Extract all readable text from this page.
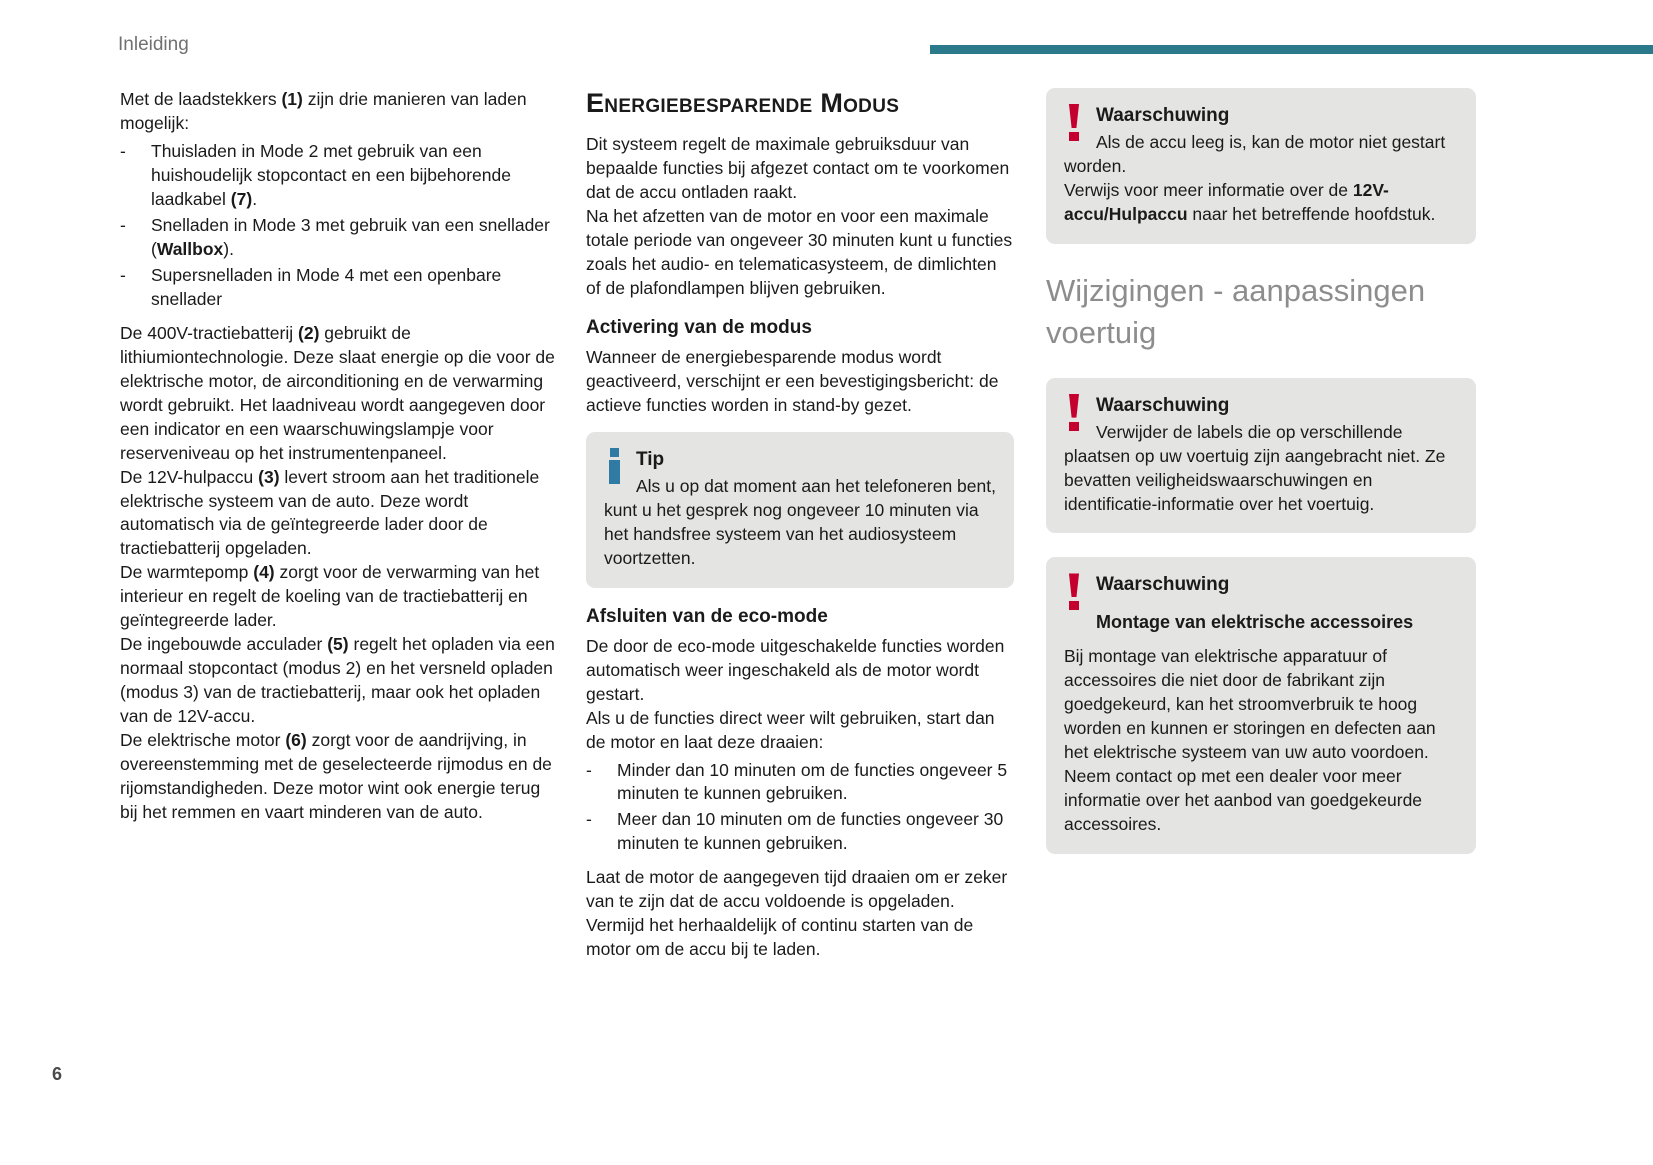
Inleiding

Met de laadstekkers (1) zijn drie manieren van laden mogelijk:

-	Thuisladen in Mode 2 met gebruik van een huishoudelijk stopcontact en een bijbehorende laadkabel (7).
-	Snelladen in Mode 3 met gebruik van een snellader (Wallbox).
-	Supersnelladen in Mode 4 met een openbare snellader

De 400V-tractiebatterij (2) gebruikt de lithiumiontechnologie. Deze slaat energie op die voor de elektrische motor, de airconditioning en de verwarming wordt gebruikt. Het laadniveau wordt aangegeven door een indicator en een waarschuwingslampje voor reserveniveau op het instrumentenpaneel.

De 12V-hulpaccu (3) levert stroom aan het traditionele elektrische systeem van de auto. Deze wordt automatisch via de geïntegreerde lader door de tractiebatterij opgeladen.

De warmtepomp (4) zorgt voor de verwarming van het interieur en regelt de koeling van de tractiebatterij en geïntegreerde lader.

De ingebouwde acculader (5) regelt het opladen via een normaal stopcontact (modus 2) en het versneld opladen (modus 3) van de tractiebatterij, maar ook het opladen van de 12V-accu.

De elektrische motor (6) zorgt voor de aandrijving, in overeenstemming met de geselecteerde rijmodus en de rijomstandigheden. Deze motor wint ook energie terug bij het remmen en vaart minderen van de auto.

Energiebesparende Modus

Dit systeem regelt de maximale gebruiksduur van bepaalde functies bij afgezet contact om te voorkomen dat de accu ontladen raakt.

Na het afzetten van de motor en voor een maximale totale periode van ongeveer 30 minuten kunt u functies zoals het audio- en telematicasysteem, de dimlichten of de plafondlampen blijven gebruiken.

Activering van de modus

Wanneer de energiebesparende modus wordt geactiveerd, verschijnt er een bevestigingsbericht: de actieve functies worden in stand-by gezet.

Tip

Als u op dat moment aan het telefoneren bent, kunt u het gesprek nog ongeveer 10 minuten via het handsfree systeem van het audiosysteem voortzetten.

Afsluiten van de eco-mode

De door de eco-mode uitgeschakelde functies worden automatisch weer ingeschakeld als de motor wordt gestart.

Als u de functies direct weer wilt gebruiken, start dan de motor en laat deze draaien:

-	Minder dan 10 minuten om de functies ongeveer 5 minuten te kunnen gebruiken.
-	Meer dan 10 minuten om de functies ongeveer 30 minuten te kunnen gebruiken.

Laat de motor de aangegeven tijd draaien om er zeker van te zijn dat de accu voldoende is opgeladen.

Vermijd het herhaaldelijk of continu starten van de motor om de accu bij te laden.

Waarschuwing

Als de accu leeg is, kan de motor niet gestart worden.

Verwijs voor meer informatie over de 12V-accu/Hulpaccu naar het betreffende hoofdstuk.

Wijzigingen - aanpassingen voertuig
Waarschuwing

Verwijder de labels die op verschillende plaatsen op uw voertuig zijn aangebracht niet. Ze bevatten veiligheidswaarschuwingen en identificatie-informatie over het voertuig.

Waarschuwing
Montage van elektrische accessoires

Bij montage van elektrische apparatuur of accessoires die niet door de fabrikant zijn goedgekeurd, kan het stroomverbruik te hoog worden en kunnen er storingen en defecten aan het elektrische systeem van uw auto voordoen. Neem contact op met een dealer voor meer informatie over het aanbod van goedgekeurde accessoires.

6
